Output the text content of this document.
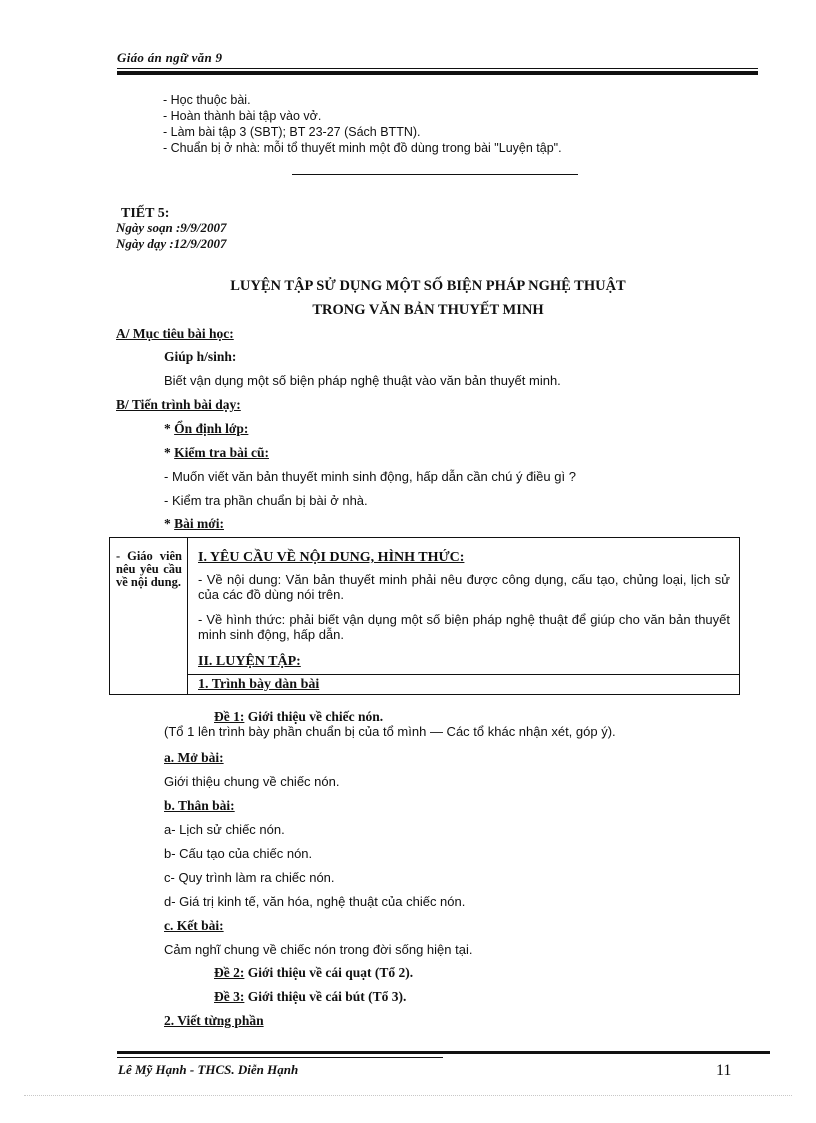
Giáo án ngữ văn 9
- Học thuộc bài.
- Hoàn thành bài tập vào vở.
- Làm bài tập 3 (SBT); BT 23-27 (Sách BTTN).
- Chuẩn bị ở nhà: mỗi tổ thuyết minh một đồ dùng trong bài "Luyện tập".
TIẾT 5:
Ngày soạn :9/9/2007
Ngày dạy :12/9/2007
LUYỆN TẬP SỬ DỤNG MỘT SỐ BIỆN PHÁP NGHỆ THUẬT
TRONG VĂN BẢN THUYẾT MINH
A/ Mục tiêu bài học:
Giúp h/sinh:
Biết vận dụng một số biện pháp nghệ thuật vào văn bản thuyết minh.
B/ Tiến trình bài dạy:
* Ổn định lớp:
* Kiểm tra bài cũ:
- Muốn viết văn bản thuyết minh sinh động, hấp dẫn cần chú ý điều gì ?
- Kiểm tra phần chuẩn bị bài ở nhà.
* Bài mới:
- Giáo viên nêu yêu cầu về nội dung.
I. YÊU CẦU VỀ NỘI DUNG, HÌNH THỨC:
- Về nội dung: Văn bản thuyết minh phải nêu được công dụng, cấu tạo, chủng loại, lịch sử của các đồ dùng nói trên.
- Về hình thức: phải biết vận dụng một số biện pháp nghệ thuật để giúp cho văn bản thuyết minh sinh động, hấp dẫn.
II. LUYỆN TẬP:
1. Trình bày dàn bài
Đề 1: Giới thiệu về chiếc nón.
(Tổ 1 lên trình bày phần chuẩn bị của tổ mình — Các tổ khác nhận xét, góp ý).
a. Mở bài:
Giới thiệu chung về chiếc nón.
b. Thân bài:
a- Lịch sử chiếc nón.
b- Cấu tạo của chiếc nón.
c- Quy trình làm ra chiếc nón.
d- Giá trị kinh tế, văn hóa, nghệ thuật của chiếc nón.
c. Kết bài:
Cảm nghĩ chung về chiếc nón trong đời sống hiện tại.
Đề 2: Giới thiệu về cái quạt (Tổ 2).
Đề 3: Giới thiệu về cái bút (Tổ 3).
2. Viết từng phần
Lê Mỹ Hạnh - THCS. Diễn Hạnh	11
